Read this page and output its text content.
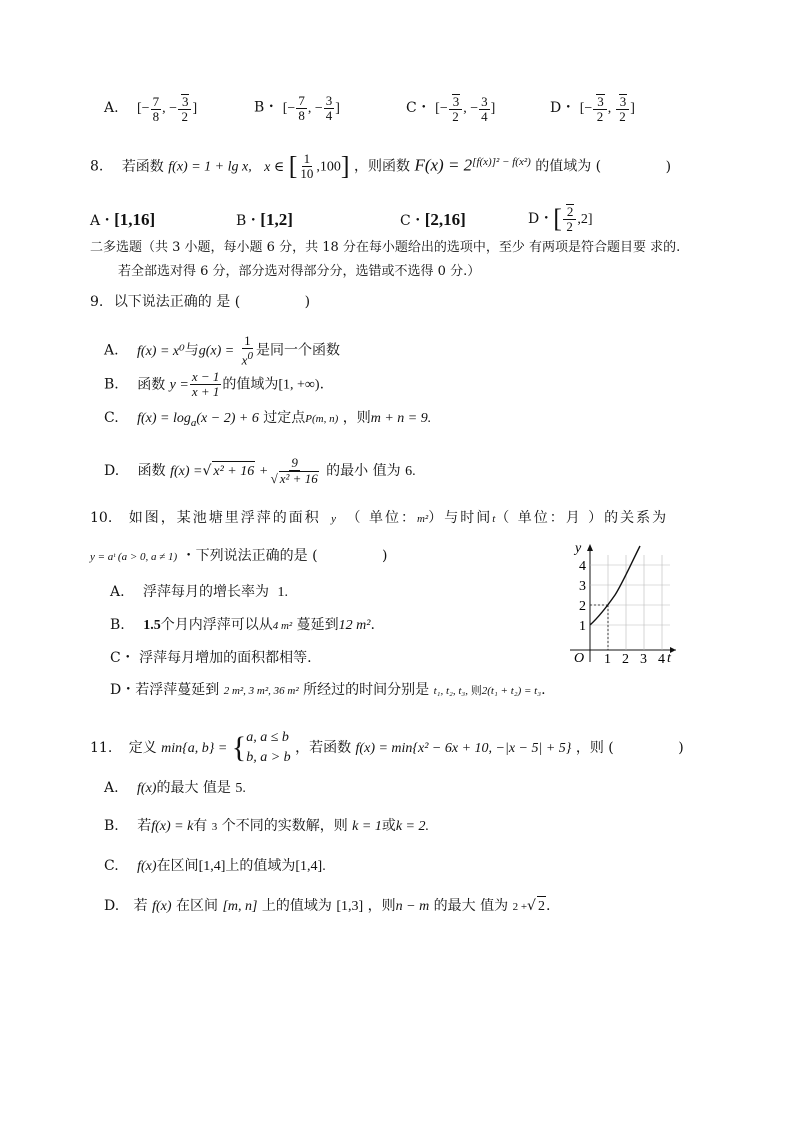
A. [− $\frac{7}{8}$ , − $\frac{3}{2}$ ]	B・ [− $\frac{7}{8}$ , − $\frac{3}{4}$ ]	C・ [− $\frac{3}{2}$ , − $\frac{3}{4}$ ]	D・ [− $\frac{3}{2}$ , $\frac{3}{2}$ ]
8. 若函数 f(x) = 1 + lg x, x ∈ [ $\frac{1}{10} ,100$] ，则函数 $F(x) = 2^{[f(x)]^2 - f(x^2)}$ 的值域为 (	)
A・[1,16]	B・[1,2]	C・[2,16]	D・[ $\frac{2}{2} ,2$]
二多选题（共 3 小题，每小题 6 分，共 18 分在每小题给出的选项中，至少 有两项是符合题目要 求的.
若全部选对得 6 分，部分选对得部分分，选错或不选得 0 分.）
9. 以下说法正确的 是 (	)
A. f(x) = x⁰与$g(x) = \frac{1}{x^0}$ 是同一个函数
B. 函数 $y = \frac{x - 1}{x + 1}$ 的值域为[1, +∞).
C. $f(x) = \log_a(x - 2) + 6$ 过定点P(m, n) ，则m + n = 9.
D. 函数 f(x) =√ $x^2 + 16 + \frac{9}{\text{√ x² + 16}}$ 的最小 值为 6.
10. 如图，某池塘里浮萍的面积 y （ 单位：m²）与时间t（ 单位：月 ）的关系为
y = aᵗ (a > 0, a ≠ 1) ・下列说法正确的是 (	)
A. 浮萍每月的增长率为 1.
B. 1.5个月内浮萍可以从4 m² 蔓延到12 m².
C・ 浮萍每月增加的面积都相等.
D・若浮萍蔓延到 2 m², 3 m², 36 m² 所经过的时间分别是 t₁, t₂, t₃, 则2(t₁ + t₂) = t₃.
y
t
O 1 2 3 4
1
2
3
4
11. 定义 min{a, b} = { a, a ≤ b
b, a > b
，若函数 f(x) = min{x² − 6x + 10, −|x − 5| + 5} ，则 (	)
A. f(x)的最大 值是 5.
B. 若f(x) = k有 3 个不同的实数解，则 k = 1或k = 2.
C. f(x)在区间[1,4]上的值域为[1,4].
D. 若 f(x) 在区间 [m, n] 上的值域为 [1,3] ，则n − m 的最大 值为 2 +√ 2.
